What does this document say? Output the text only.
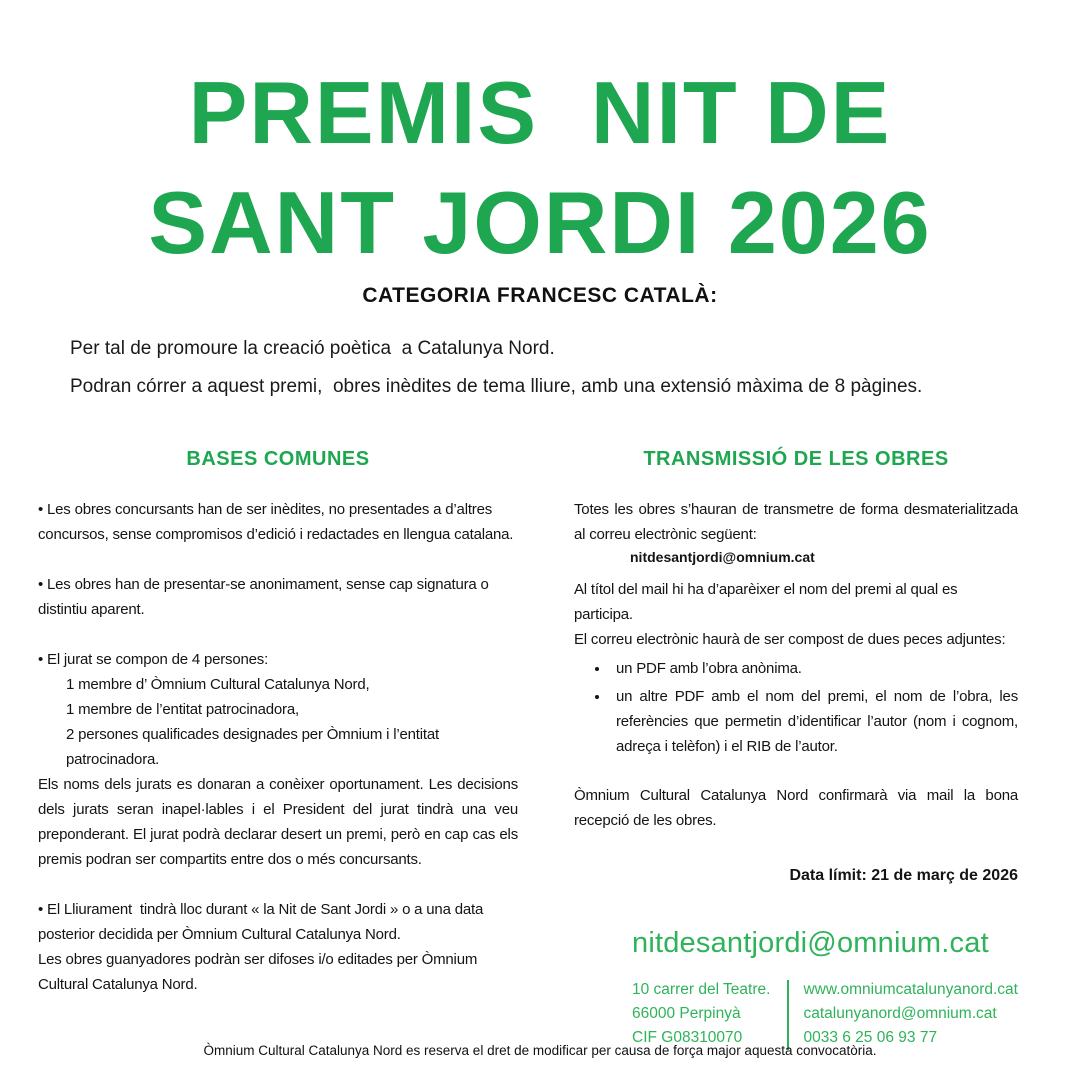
PREMIS  NIT DE
SANT JORDI 2026
CATEGORIA FRANCESC CATALÀ:

Per tal de promoure la creació poètica  a Catalunya Nord.

Podran córrer a aquest premi,  obres inèdites de tema lliure, amb una extensió màxima de 8 pàgines.

BASES COMUNES

• Les obres concursants han de ser inèdites, no presentades a d’altres concursos, sense compromisos d’edició i redactades en llengua catalana.

• Les obres han de presentar-se anonimament, sense cap signatura o distintiu aparent.

• El jurat se compon de 4 persones:

1 membre d’ Òmnium Cultural Catalunya Nord,

1 membre de l’entitat patrocinadora,

2 persones qualificades designades per Òmnium i l’entitat patrocinadora.

Els noms dels jurats es donaran a conèixer oportunament. Les decisions dels jurats seran inapel·lables i el President del jurat tindrà una veu preponderant. El jurat podrà declarar desert un premi, però en cap cas els premis podran ser compartits entre dos o més concursants.

• El Lliurament  tindrà lloc durant « la Nit de Sant Jordi » o a una data posterior decidida per Òmnium Cultural Catalunya Nord.

Les obres guanyadores podràn ser difoses i/o editades per Òmnium Cultural Catalunya Nord.

TRANSMISSIÓ DE LES OBRES

Totes les obres s’hauran de transmetre de forma desmaterialitzada al correu electrònic següent:

nitdesantjordi@omnium.cat

Al títol del mail hi ha d’aparèixer el nom del premi al qual es participa.

El correu electrònic haurà de ser compost de dues peces adjuntes:

• un PDF amb l’obra anònima.
• un altre PDF amb el nom del premi, el nom de l’obra, les referències que permetin d’identificar l’autor (nom i cognom, adreça i telèfon) i el RIB de l’autor.

Òmnium Cultural Catalunya Nord confirmarà via mail la bona recepció de les obres.

Data límit: 21 de març de 2026

nitdesantjordi@omnium.cat
10 carrer del Teatre.
66000 Perpinyà
CIF G08310070
www.omniumcatalunyanord.cat
catalunyanord@omnium.cat
0033 6 25 06 93 77
Òmnium Cultural Catalunya Nord es reserva el dret de modificar per causa de força major aquesta convocatòria.
